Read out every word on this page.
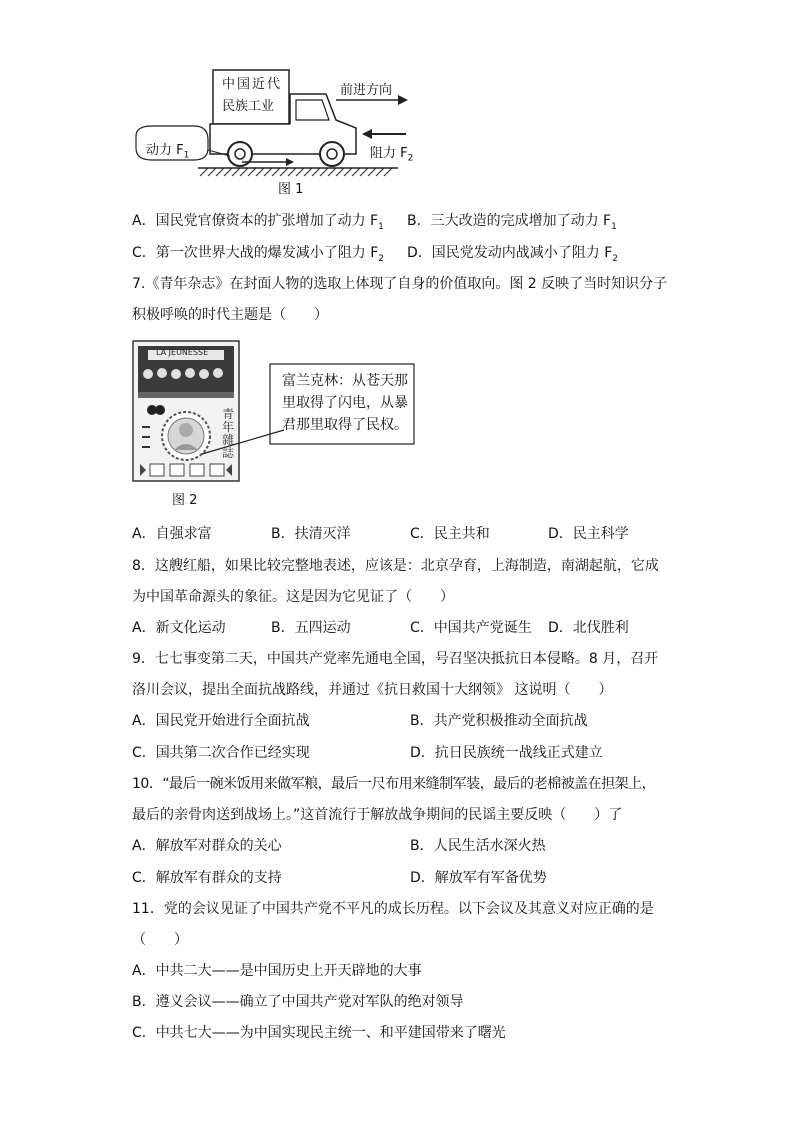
中国近代
民族工业
前进方向
动力 $F_1$	阻力 $F_2$
图 1
A．国民党官僚资本的扩张增加了动力 $F_1$ B．三大改造的完成增加了动力 $F_1$
C．第一次世界大战的爆发减小了阻力 $F_2$ D．国民党发动内战减小了阻力 $F_2$
7.《青年杂志》在封面人物的选取上体现了自身的价值取向。图 2 反映了当时知识分子
积极呼唤的时代主题是（　　）
LA JEUNESSE
青年雜誌
富兰克林：从苍天那
里取得了闪电，从暴
君那里取得了民权。
图 2
A．自强求富	B．扶清灭洋	C．民主共和	D．民主科学
8．这艘红船，如果比较完整地表述，应该是：北京孕育，上海制造，南湖起航，它成
为中国革命源头的象征。这是因为它见证了（　　）
A．新文化运动	B．五四运动	C．中国共产党诞生 D．北伐胜利
9．七七事变第二天，中国共产党率先通电全国，号召坚决抵抗日本侵略。8 月，召开
洛川会议，提出全面抗战路线，并通过《抗日救国十大纲领》 这说明（　　）
A．国民党开始进行全面抗战	B．共产党积极推动全面抗战
C．国共第二次合作已经实现	D．抗日民族统一战线正式建立
10．“最后一碗米饭用来做军粮，最后一尺布用来缝制军装，最后的老棉被盖在担架上，
最后的亲骨肉送到战场上。”这首流行于解放战争期间的民谣主要反映（　　）了
A．解放军对群众的关心	B．人民生活水深火热
C．解放军有群众的支持	D．解放军有军备优势
11．党的会议见证了中国共产党不平凡的成长历程。以下会议及其意义对应正确的是
（　　）
A．中共二大——是中国历史上开天辟地的大事
B．遵义会议——确立了中国共产党对军队的绝对领导
C．中共七大——为中国实现民主统一、和平建国带来了曙光
